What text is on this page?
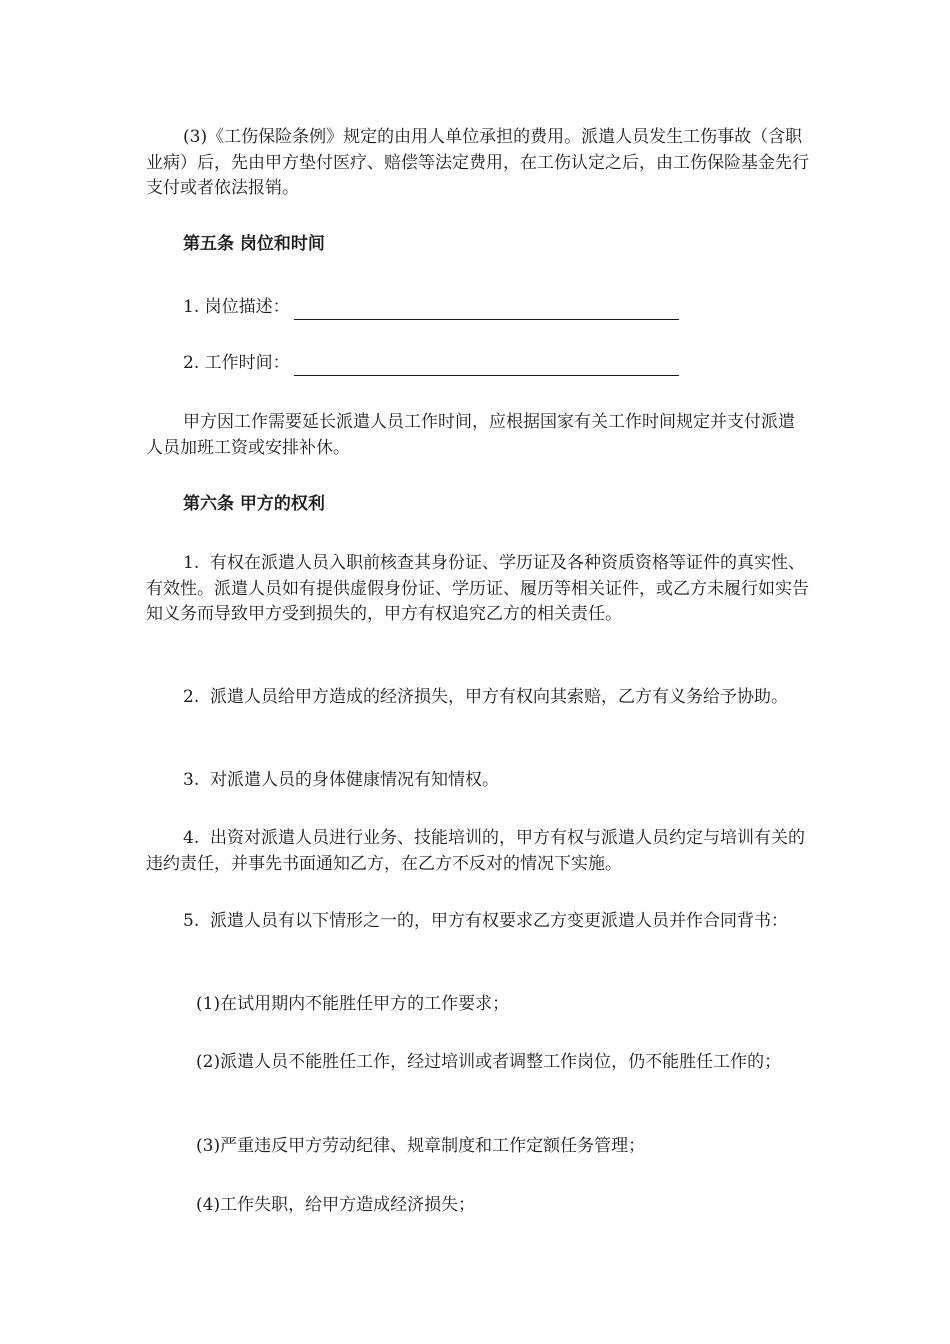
(3)《工伤保险条例》规定的由用人单位承担的费用。派遣人员发生工伤事故（含职业病）后，先由甲方垫付医疗、赔偿等法定费用，在工伤认定之后，由工伤保险基金先行支付或者依法报销。

第五条 岗位和时间

1. 岗位描述：
2. 工作时间：

甲方因工作需要延长派遣人员工作时间，应根据国家有关工作时间规定并支付派遣人员加班工资或安排补休。

第六条 甲方的权利

1.  有权在派遣人员入职前核查其身份证、学历证及各种资质资格等证件的真实性、有效性。派遣人员如有提供虚假身份证、学历证、履历等相关证件，或乙方未履行如实告知义务而导致甲方受到损失的，甲方有权追究乙方的相关责任。

2.  派遣人员给甲方造成的经济损失，甲方有权向其索赔，乙方有义务给予协助。

3.  对派遣人员的身体健康情况有知情权。

4.  出资对派遣人员进行业务、技能培训的，甲方有权与派遣人员约定与培训有关的违约责任，并事先书面通知乙方，在乙方不反对的情况下实施。

5.  派遣人员有以下情形之一的，甲方有权要求乙方变更派遣人员并作合同背书：

(1)在试用期内不能胜任甲方的工作要求；

(2)派遣人员不能胜任工作，经过培训或者调整工作岗位，仍不能胜任工作的；

(3)严重违反甲方劳动纪律、规章制度和工作定额任务管理；

(4)工作失职，给甲方造成经济损失；
